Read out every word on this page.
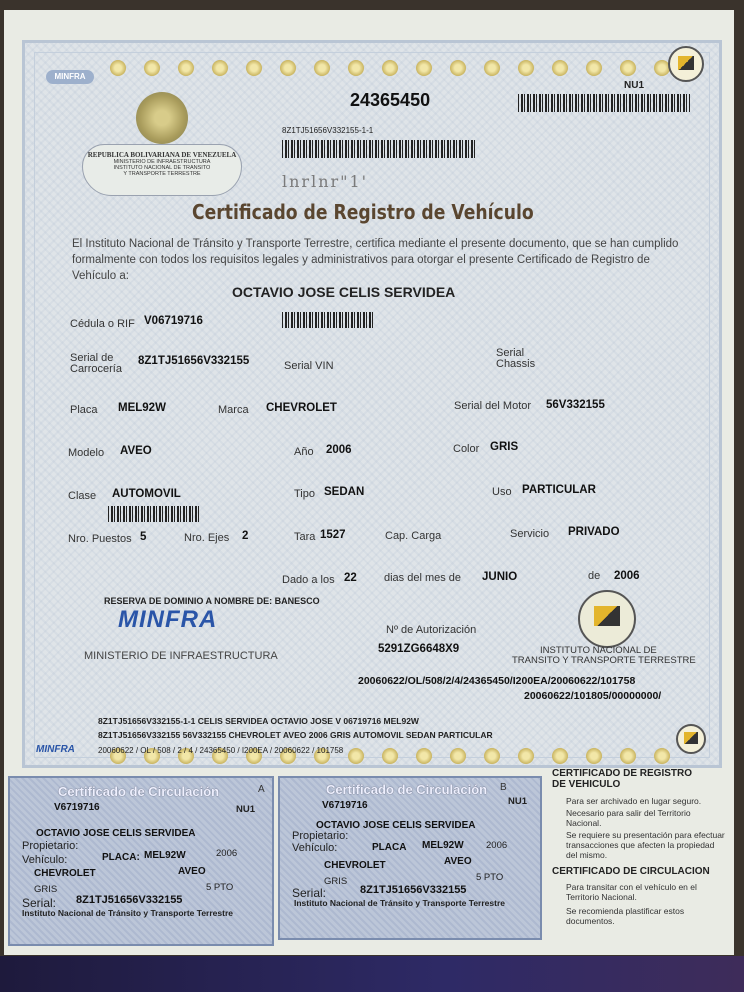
MINFRA
REPUBLICA BOLIVARIANA DE VENEZUELA
MINISTERIO DE INFRAESTRUCTURA
INSTITUTO NACIONAL DE TRANSITO
Y TRANSPORTE TERRESTRE
24365450
NU1
8Z1TJ51656V332155-1-1
lnrlnr"1'
Certificado de Registro de Vehículo
El Instituto Nacional de Tránsito y Transporte Terrestre, certifica mediante el presente documento, que se han cumplido formalmente con todos los requisitos legales y administrativos para otorgar el presente Certificado de Registro de Vehículo a:
OCTAVIO JOSE CELIS SERVIDEA
Cédula o RIF V06719716
Serial de
Carrocería
8Z1TJ51656V332155	Serial VIN
Serial
Chassis
Placa MEL92W	Marca CHEVROLET	Serial del Motor 56V332155
Modelo AVEO	Año 2006	Color GRIS
Clase AUTOMOVIL	Tipo SEDAN	Uso PARTICULAR
Nro. Puestos 5	Nro. Ejes 2	Tara 1527	Cap. Carga	Servicio PRIVADO
Dado a los 22 dias del mes de JUNIO	de 2006
RESERVA DE DOMINIO A NOMBRE DE: BANESCO
MINFRA
MINISTERIO DE INFRAESTRUCTURA
Nº de Autorización
5291ZG6648X9	INSTITUTO NACIONAL DE
TRANSITO Y TRANSPORTE TERRESTRE
20060622/OL/508/2/4/24365450/I200EA/20060622/101758
20060622/101805/00000000/
8Z1TJ51656V332155-1-1 CELIS SERVIDEA OCTAVIO JOSE V 06719716 MEL92W
8Z1TJ51656V332155 56V332155 CHEVROLET AVEO 2006 GRIS AUTOMOVIL SEDAN PARTICULAR
20060622 / OL / 508 / 2 / 4 / 24365450 / I200EA / 20060622 / 101758
MINFRA
Certificado de Circulación	A
V6719716	NU1
OCTAVIO JOSE CELIS SERVIDEA
Propietario:
Vehículo:	PLACA: MEL92W	2006
CHEVROLET	AVEO
GRIS	5 PTO
Serial: 8Z1TJ51656V332155
Instituto Nacional de Tránsito y Transporte Terrestre
Certificado de Circulación B
V6719716	NU1
OCTAVIO JOSE CELIS SERVIDEA
Propietario:
Vehículo:	PLACA MEL92W 2006
CHEVROLET	AVEO
GRIS	5 PTO
Serial:	8Z1TJ51656V332155
Instituto Nacional de Tránsito y Transporte Terrestre
CERTIFICADO DE REGISTRO
DE VEHICULO
Para ser archivado en lugar seguro.
Necesario para salir del Territorio Nacional.
Se requiere su presentación para efectuar transacciones que afecten la propiedad del mismo.
CERTIFICADO DE CIRCULACION
Para transitar con el vehículo en el Territorio Nacional.
Se recomienda plastificar estos documentos.
